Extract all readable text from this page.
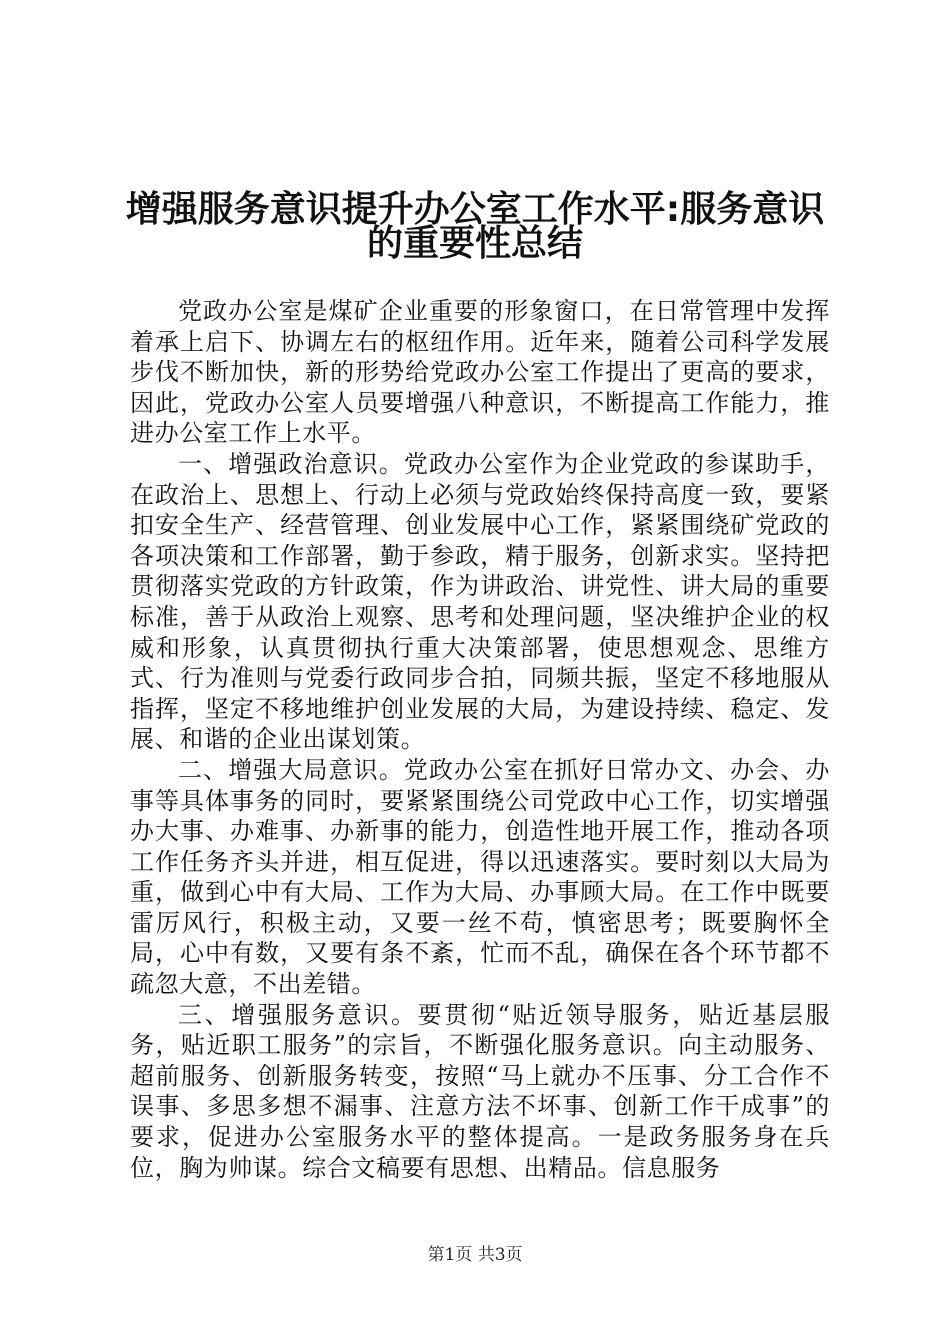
增强服务意识提升办公室工作水平:服务意识
的重要性总结

党政办公室是煤矿企业重要的形象窗口，在日常管理中发挥着承上启下、协调左右的枢纽作用。近年来，随着公司科学发展步伐不断加快，新的形势给党政办公室工作提出了更高的要求，因此，党政办公室人员要增强八种意识，不断提高工作能力，推进办公室工作上水平。

一、增强政治意识。党政办公室作为企业党政的参谋助手，在政治上、思想上、行动上必须与党政始终保持高度一致，要紧扣安全生产、经营管理、创业发展中心工作，紧紧围绕矿党政的各项决策和工作部署，勤于参政，精于服务，创新求实。坚持把贯彻落实党政的方针政策，作为讲政治、讲党性、讲大局的重要标准，善于从政治上观察、思考和处理问题，坚决维护企业的权威和形象，认真贯彻执行重大决策部署，使思想观念、思维方式、行为准则与党委行政同步合拍，同频共振，坚定不移地服从指挥，坚定不移地维护创业发展的大局，为建设持续、稳定、发展、和谐的企业出谋划策。

二、增强大局意识。党政办公室在抓好日常办文、办会、办事等具体事务的同时，要紧紧围绕公司党政中心工作，切实增强办大事、办难事、办新事的能力，创造性地开展工作，推动各项工作任务齐头并进，相互促进，得以迅速落实。要时刻以大局为重，做到心中有大局、工作为大局、办事顾大局。在工作中既要雷厉风行，积极主动，又要一丝不苟，慎密思考；既要胸怀全局，心中有数，又要有条不紊，忙而不乱，确保在各个环节都不疏忽大意，不出差错。

三、增强服务意识。要贯彻“贴近领导服务，贴近基层服务，贴近职工服务”的宗旨，不断强化服务意识。向主动服务、超前服务、创新服务转变，按照“马上就办不压事、分工合作不误事、多思多想不漏事、注意方法不坏事、创新工作干成事”的要求，促进办公室服务水平的整体提高。一是政务服务身在兵位，胸为帅谋。综合文稿要有思想、出精品。信息服务

第1页 共3页
